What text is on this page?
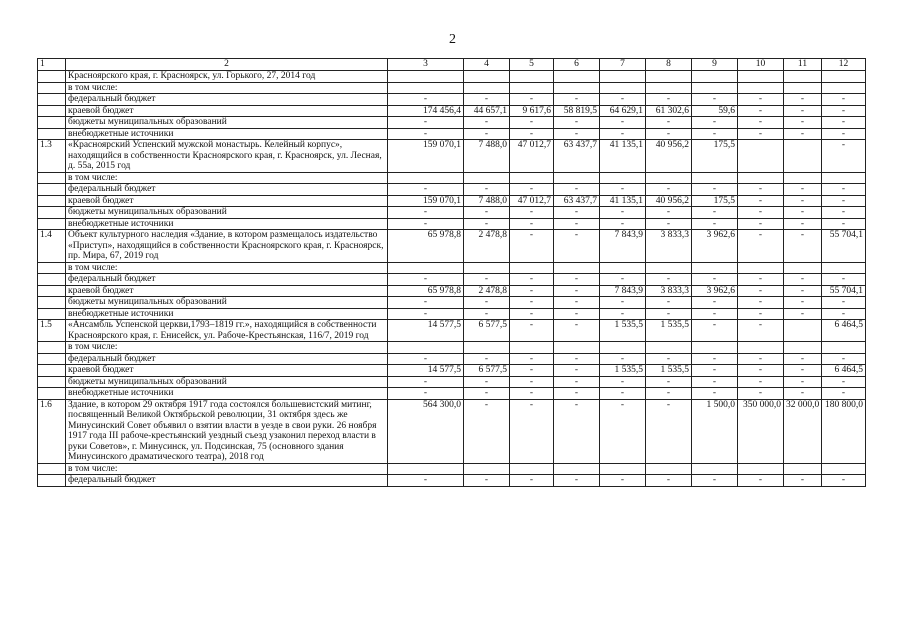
2
1	2	3	4	5	6	7	8	9	10	11	12
	Красноярского края, г. Красноярск, ул. Горького, 27, 2014 год										
	в том числе:										
	федеральный бюджет	-	-	-	-	-	-	-	-	-	-
	краевой бюджет	174 456,4	44 657,1	9 617,6	58 819,5	64 629,1	61 302,6	59,6	-	-	-
	бюджеты муниципальных образований	-	-	-	-	-	-	-	-	-	-
	внебюджетные источники	-	-	-	-	-	-	-	-	-	-
1.3	«Красноярский Успенский мужской монастырь. Келейный корпус», находящийся в собственности Красноярского края, г. Красноярск, ул. Лесная, д. 55а, 2015 год	159 070,1	7 488,0	47 012,7	63 437,7	41 135,1	40 956,2	175,5			-
	в том числе:										
	федеральный бюджет	-	-	-	-	-	-	-	-	-	-
	краевой бюджет	159 070,1	7 488,0	47 012,7	63 437,7	41 135,1	40 956,2	175,5	-	-	-
	бюджеты муниципальных образований	-	-	-	-	-	-	-	-	-	-
	внебюджетные источники	-	-	-	-	-	-	-	-	-	-
1.4	Объект культурного наследия «Здание, в котором размещалось издательство «Приступ», находящийся в собственности Красноярского края, г. Красноярск, пр. Мира, 67, 2019 год	65 978,8	2 478,8	-	-	7 843,9	3 833,3	3 962,6	-	-	55 704,1
	в том числе:										
	федеральный бюджет	-	-	-	-	-	-	-	-	-	-
	краевой бюджет	65 978,8	2 478,8	-	-	7 843,9	3 833,3	3 962,6	-	-	55 704,1
	бюджеты муниципальных образований	-	-	-	-	-	-	-	-	-	-
	внебюджетные источники	-	-	-	-	-	-	-	-	-	-
1.5	«Ансамбль Успенской церкви,1793–1819 гг.», находящийся в собственности Красноярского края, г. Енисейск, ул. Рабоче-Крестьянская, 116/7, 2019 год	14 577,5	6 577,5	-	-	1 535,5	1 535,5	-	-		6 464,5
	в том числе:										
	федеральный бюджет	-	-	-	-	-	-	-	-	-	-
	краевой бюджет	14 577,5	6 577,5	-	-	1 535,5	1 535,5	-	-	-	6 464,5
	бюджеты муниципальных образований	-	-	-	-	-	-	-	-	-	-
	внебюджетные источники	-	-	-	-	-	-	-	-	-	-
1.6	Здание, в котором 29 октября 1917 года состоялся большевистский митинг, посвященный Великой Октябрьской революции, 31 октября здесь же Минусинский Совет объявил о взятии власти в уезде в свои руки. 26 ноября 1917 года III рабоче-крестьянский уездный съезд узаконил переход власти в руки Советов», г. Минусинск, ул. Подсинская, 75 (основного здания Минусинского драматического театра), 2018 год	564 300,0	-	-	-	-	-	1 500,0	350 000,0	32 000,0	180 800,0
	в том числе:										
	федеральный бюджет	-	-	-	-	-	-	-	-	-	-
